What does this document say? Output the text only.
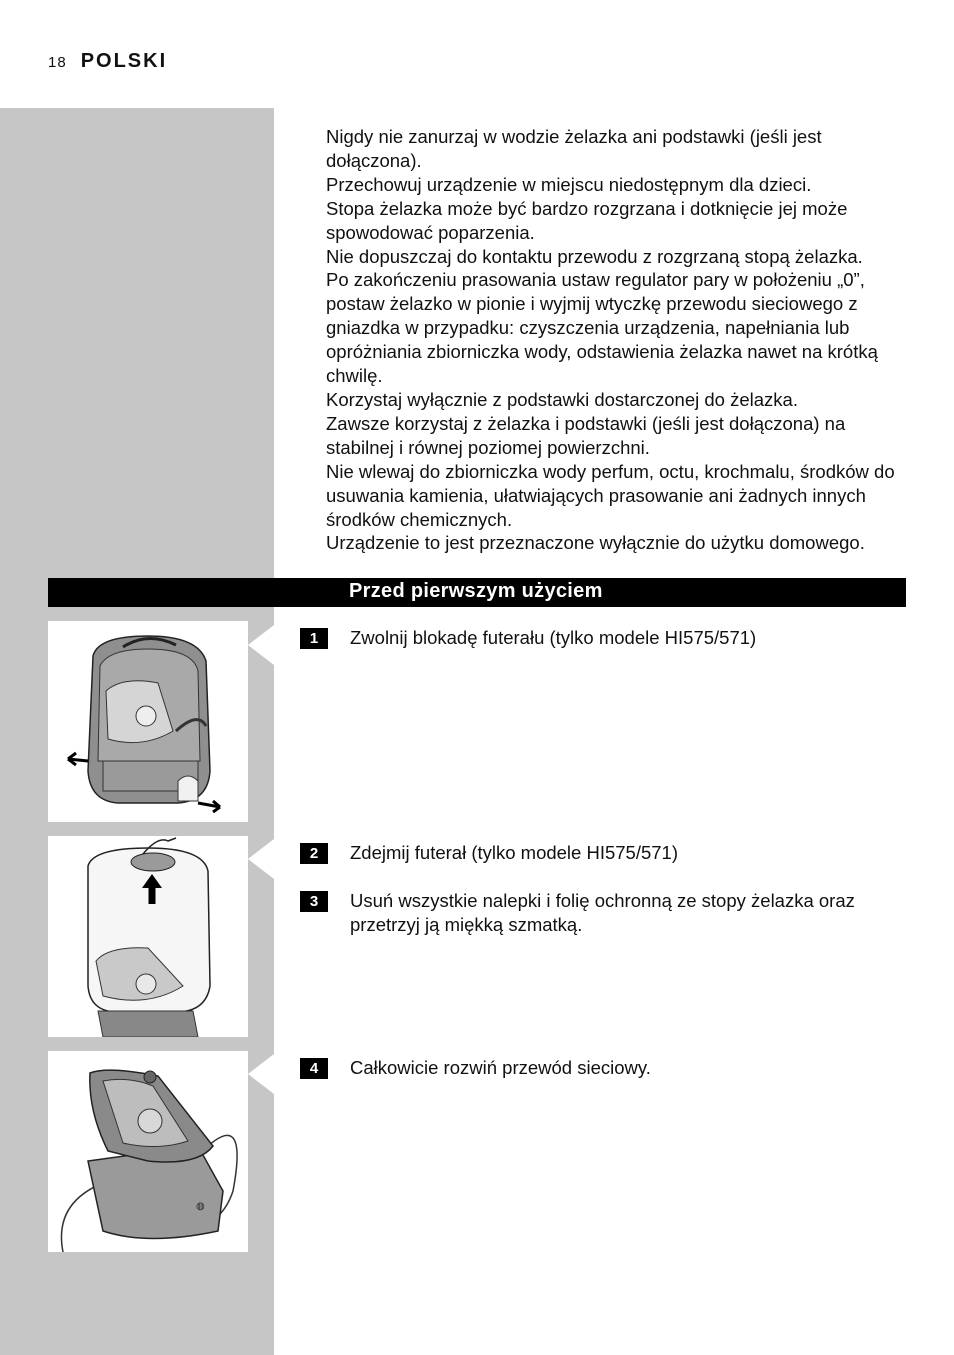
18 POLSKI

Nigdy nie zanurzaj w wodzie żelazka ani podstawki (jeśli jest dołączona).

Przechowuj urządzenie w miejscu niedostępnym dla dzieci.

Stopa żelazka może być bardzo rozgrzana i dotknięcie jej może spowodować poparzenia.

Nie dopuszczaj do kontaktu przewodu z rozgrzaną stopą żelazka.

Po zakończeniu prasowania ustaw regulator pary w położeniu „0”, postaw żelazko w pionie i wyjmij wtyczkę przewodu sieciowego z gniazdka w przypadku: czyszczenia urządzenia, napełniania lub opróżniania zbiorniczka wody, odstawienia żelazka nawet na krótką chwilę.

Korzystaj wyłącznie z podstawki dostarczonej do żelazka.

Zawsze korzystaj z żelazka i podstawki (jeśli jest dołączona) na stabilnej i równej poziomej powierzchni.

Nie wlewaj do zbiorniczka wody perfum, octu, krochmalu, środków do usuwania kamienia, ułatwiających prasowanie ani żadnych innych środków chemicznych.

Urządzenie to jest przeznaczone wyłącznie do użytku domowego.

Przed pierwszym użyciem
◍
1	Zwolnij blokadę futerału (tylko modele HI575/571)
2	Zdejmij futerał (tylko modele HI575/571)
3	Usuń wszystkie nalepki i folię ochronną ze stopy żelazka oraz przetrzyj ją miękką szmatką.
4	Całkowicie rozwiń przewód sieciowy.
